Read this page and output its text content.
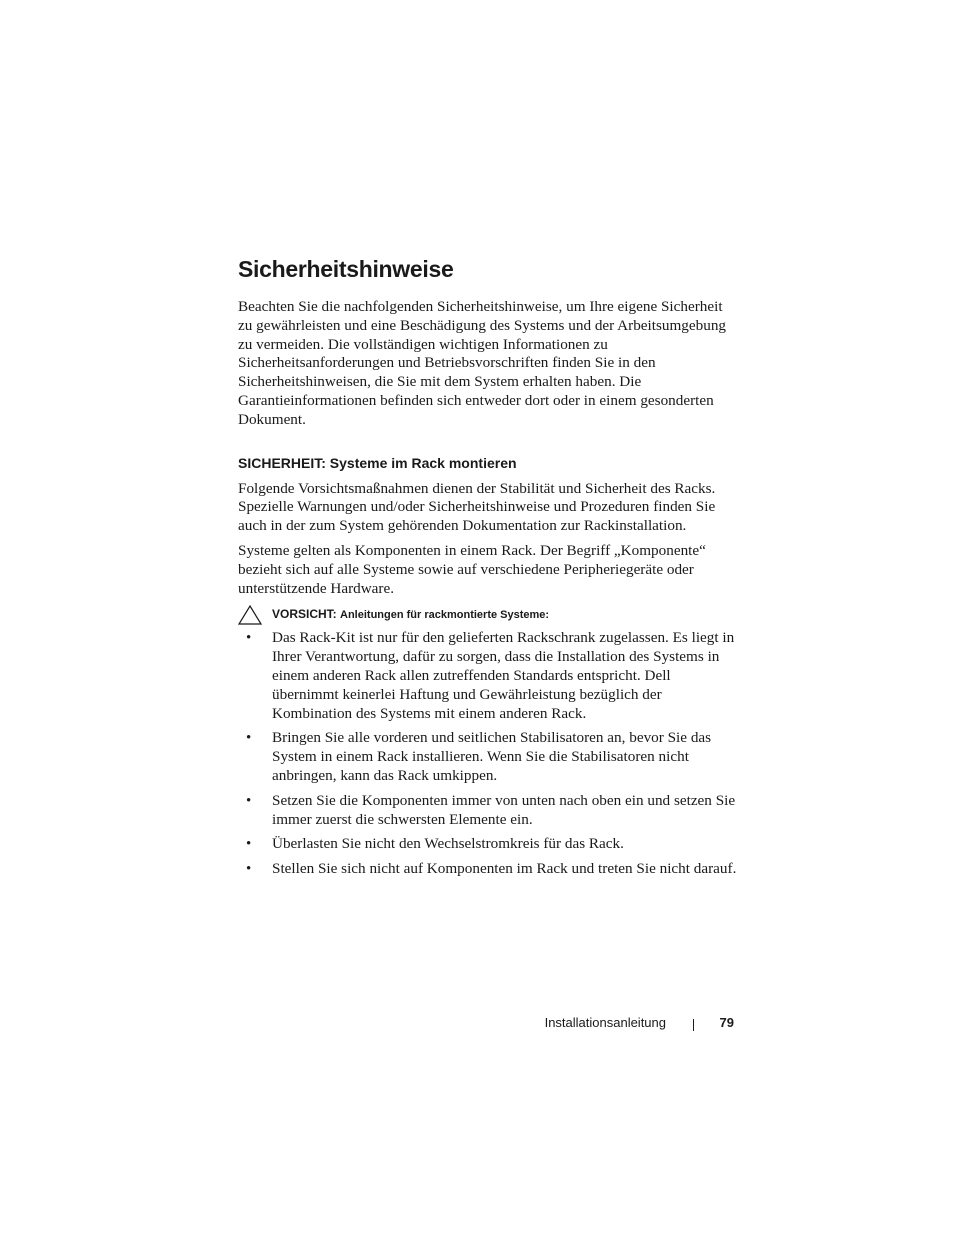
Sicherheitshinweise

Beachten Sie die nachfolgenden Sicherheitshinweise, um Ihre eigene Sicherheit zu gewährleisten und eine Beschädigung des Systems und der Arbeitsumgebung zu vermeiden. Die vollständigen wichtigen Informationen zu Sicherheitsanforderungen und Betriebsvorschriften finden Sie in den Sicherheitshinweisen, die Sie mit dem System erhalten haben. Die Garantieinformationen befinden sich entweder dort oder in einem gesonderten Dokument.

SICHERHEIT: Systeme im Rack montieren

Folgende Vorsichtsmaßnahmen dienen der Stabilität und Sicherheit des Racks. Spezielle Warnungen und/oder Sicherheitshinweise und Prozeduren finden Sie auch in der zum System gehörenden Dokumentation zur Rackinstallation.

Systeme gelten als Komponenten in einem Rack. Der Begriff „Komponente“ bezieht sich auf alle Systeme sowie auf verschiedene Peripheriegeräte oder unterstützende Hardware.

VORSICHT: Anleitungen für rackmontierte Systeme:
• Das Rack-Kit ist nur für den gelieferten Rackschrank zugelassen. Es liegt in Ihrer Verantwortung, dafür zu sorgen, dass die Installation des Systems in einem anderen Rack allen zutreffenden Standards entspricht. Dell übernimmt keinerlei Haftung und Gewährleistung bezüglich der Kombination des Systems mit einem anderen Rack.

• Bringen Sie alle vorderen und seitlichen Stabilisatoren an, bevor Sie das System in einem Rack installieren. Wenn Sie die Stabilisatoren nicht anbringen, kann das Rack umkippen.

• Setzen Sie die Komponenten immer von unten nach oben ein und setzen Sie immer zuerst die schwersten Elemente ein.

• Überlasten Sie nicht den Wechselstromkreis für das Rack.

• Stellen Sie sich nicht auf Komponenten im Rack und treten Sie nicht darauf.

Installationsanleitung	79
